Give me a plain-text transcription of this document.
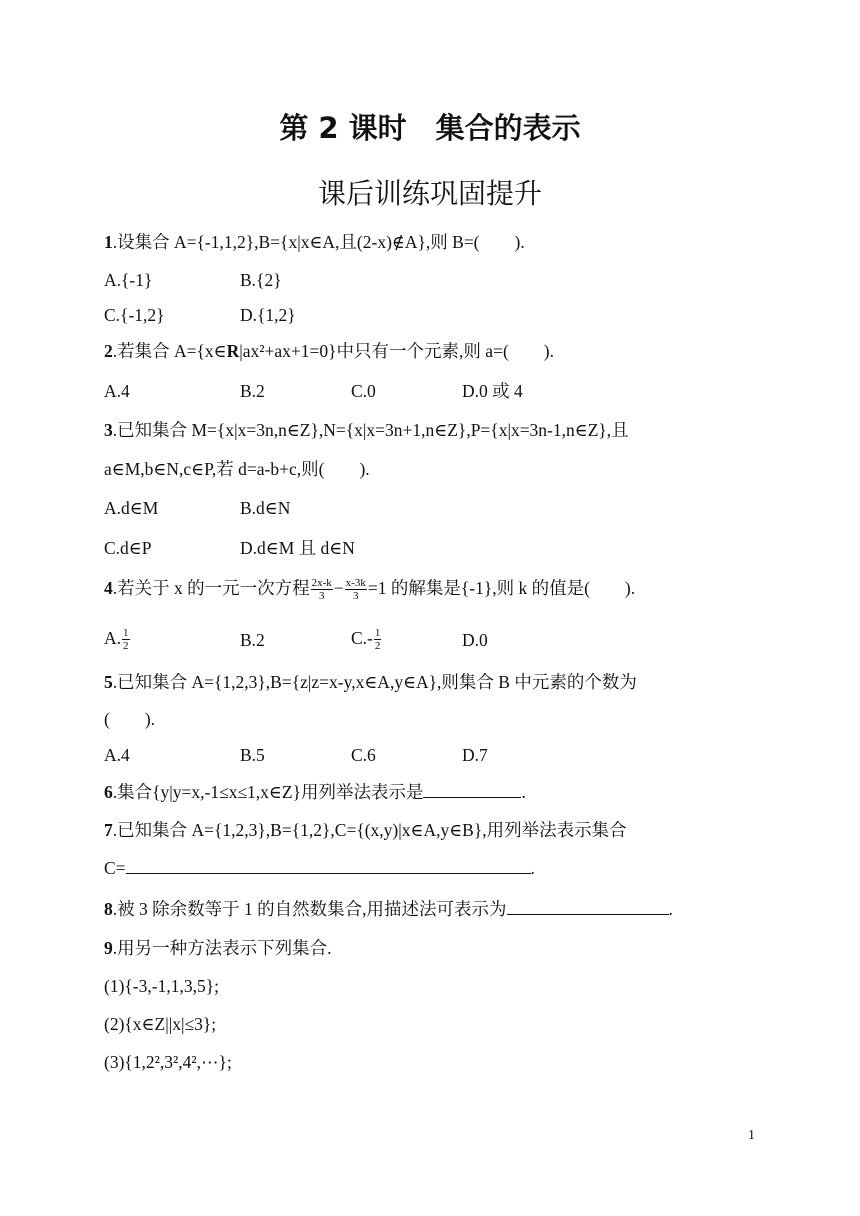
第 2 课时　集合的表示
课后训练巩固提升
1.设集合 A={-1,1,2},B={x|x∈A,且(2-x)∉A},则 B=(　　).
A.{-1}	B.{2}
C.{-1,2}	D.{1,2}
2.若集合 A={x∈R|ax²+ax+1=0}中只有一个元素,则 a=(　　).
A.4	B.2	C.0	D.0 或 4
3.已知集合 M={x|x=3n,n∈Z},N={x|x=3n+1,n∈Z},P={x|x=3n-1,n∈Z},且
a∈M,b∈N,c∈P,若 d=a-b+c,则(　　).
A.d∈M	B.d∈N
C.d∈P	D.d∈M 且 d∈N
4.若关于 x 的一元一次方程 $\frac{2x-k}{3} - \frac{x-3k}{3} =1$ 的解集是{-1},则 k 的值是(　　).
A. $\frac{1}{2}$	B.2	$C.- \frac{1}{2}$	D.0
5.已知集合 A={1,2,3},B={z|z=x-y,x∈A,y∈A},则集合 B 中元素的个数为
(　　).
A.4	B.5	C.6	D.7
6.集合{y|y=x,-1≤x≤1,x∈Z}用列举法表示是	.
7.已知集合 A={1,2,3},B={1,2},C={(x,y)|x∈A,y∈B},用列举法表示集合
C=	.
8.被 3 除余数等于 1 的自然数集合,用描述法可表示为	.
9.用另一种方法表示下列集合.
(1){-3,-1,1,3,5};
(2){x∈Z||x|≤3};
(3){1,2²,3²,4²,⋯};
1
